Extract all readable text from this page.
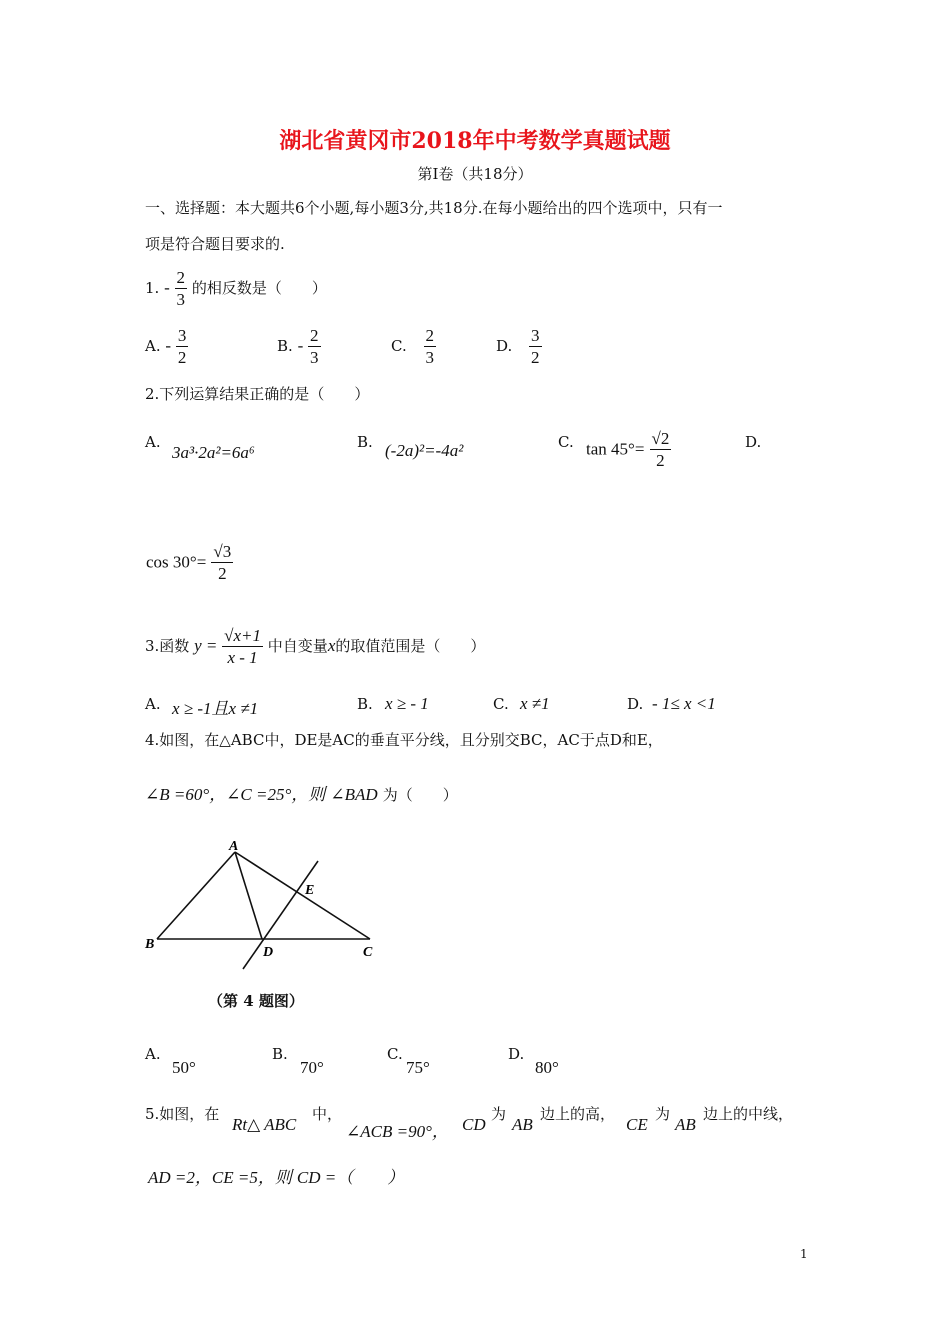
湖北省黄冈市2018年中考数学真题试题
第Ⅰ卷（共18分）
一、选择题：本大题共6个小题,每小题3分,共18分.在每小题给出的四个选项中，只有一
项是符合题目要求的.
1. - $\frac{2}{3}$ 的相反数是（　　）
A. - $\frac{3}{2}$	B. - $\frac{2}{3}$	C. $\frac{2}{3}$	D. $\frac{3}{2}$
2.下列运算结果正确的是（　　）
A.
3a³·2a²=6a⁶
B. (-2a)²=-4a²	C. $\tan 45^\circ= \frac{√2}{2}$	D.
$\cos 30^\circ= \frac{√3}{2}$
3.函数 $y = \frac{√x+1}{x - 1}$ 中自变量x的取值范围是（　　）
A. x ≥ -1且x ≠1	B. x ≥ - 1	C. x ≠1	D. - 1≤ x <1
4.如图，在△ABC中，DE是AC的垂直平分线，且分别交BC，AC于点D和E，
∠B =60°，∠C =25°，则 ∠BAD 为（　　）
A
B
C
D
E
（第 4 题图）
A.
50°
B.
70°
C.
75°
D.
80°
5.如图，在
Rt△ ABC
中，
∠ACB =90°， CD
为
AB
边上的高，
CE
为
AB
边上的中线，
AD =2，CE =5，则 CD =（　　）
1
